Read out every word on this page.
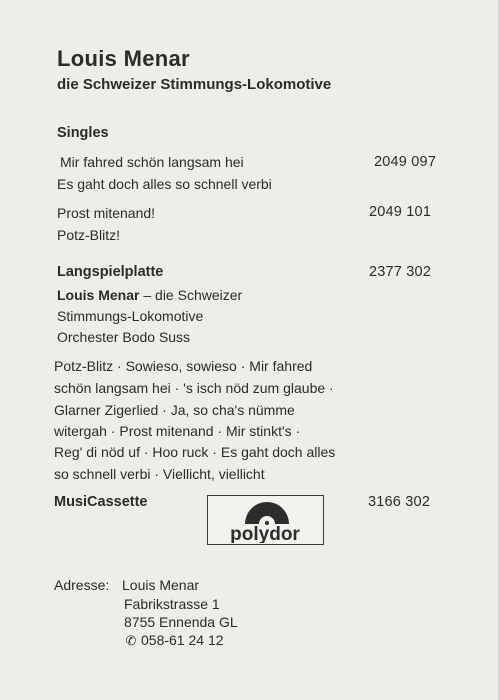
Louis Menar
die Schweizer Stimmungs-Lokomotive
Singles
Mir fahred schön langsam hei
Es gaht doch alles so schnell verbi
2049 097
Prost mitenand!
Potz-Blitz!
2049 101
Langspielplatte	2377 302
Louis Menar – die Schweizer
Stimmungs-Lokomotive
Orchester Bodo Suss
Potz-Blitz · Sowieso, sowieso · Mir fahred
schön langsam hei · 's isch nöd zum glaube ·
Glarner Zigerlied · Ja, so cha's nümme
witergah · Prost mitenand · Mir stinkt's ·
Reg' di nöd uf · Hoo ruck · Es gaht doch alles
so schnell verbi · Viellicht, viellicht
MusiCassette	3166 302
polydor
Adresse: Louis Menar
Fabrikstrasse 1
8755 Ennenda GL
✆ 058-61 24 12
